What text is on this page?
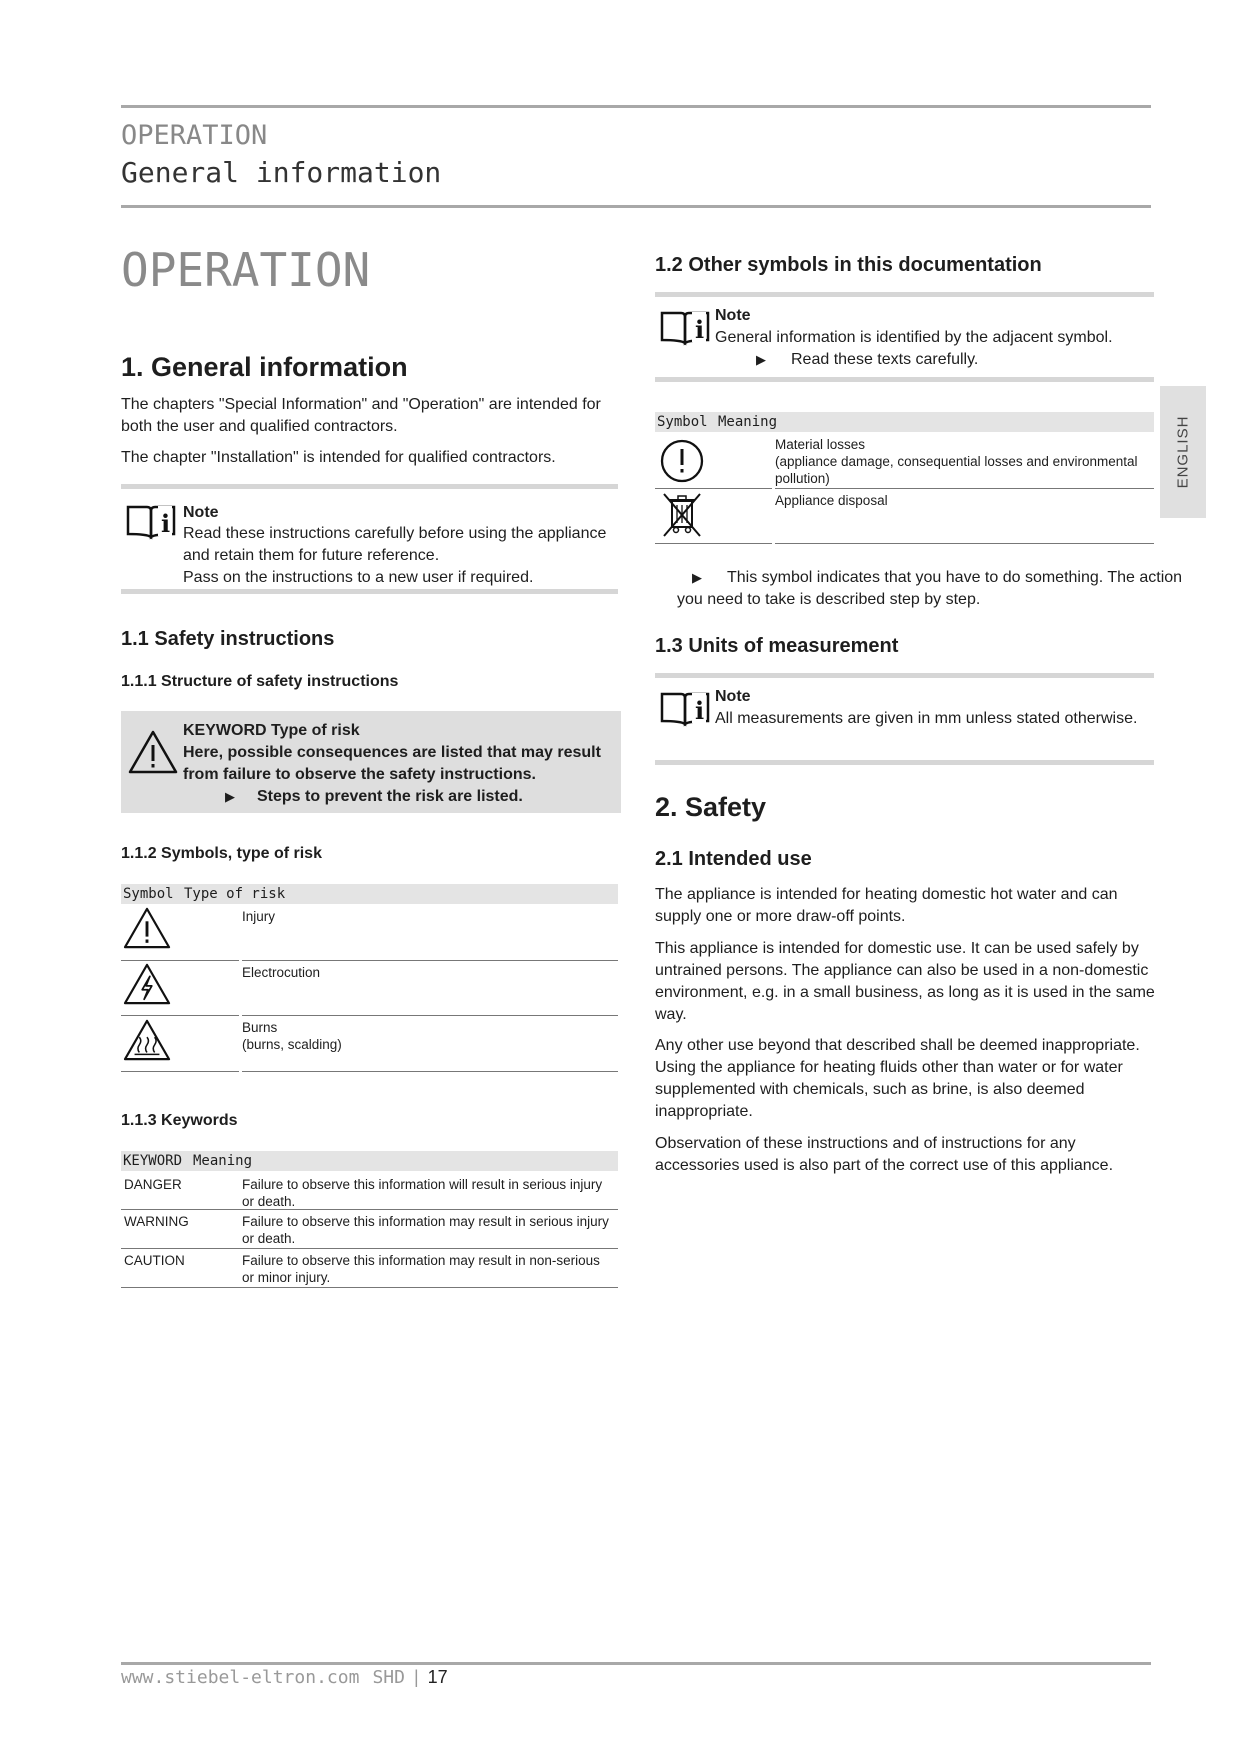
OPERATION
General information
ENGLISH
OPERATION
1. General information
The chapters "Special Information" and "Operation" are intended for both the user and qualified contractors.
The chapter "Installation" is intended for qualified contractors.
i Note
Read these instructions carefully before using the appliance and retain them for future reference.
Pass on the instructions to a new user if required.
1.1 Safety instructions
1.1.1 Structure of safety instructions
KEYWORD Type of risk
Here, possible consequences are listed that may result from failure to observe the safety instructions.
▶ Steps to prevent the risk are listed.
1.1.2 Symbols, type of risk
Symbol Type of risk
Injury
Electrocution
Burns
(burns, scalding)
1.1.3 Keywords
KEYWORD Meaning
DANGER	Failure to observe this information will result in serious injury or death.
WARNING	Failure to observe this information may result in serious injury or death.
CAUTION	Failure to observe this information may result in non-serious or minor injury.
1.2 Other symbols in this documentation
i Note
General information is identified by the adjacent symbol.
▶ Read these texts carefully.
Symbol Meaning
Material losses
(appliance damage, consequential losses and environmental pollution)
Appliance disposal
▶	This symbol indicates that you have to do something. The action you need to take is described step by step.
1.3 Units of measurement
i Note
All measurements are given in mm unless stated otherwise.
2. Safety
2.1 Intended use
The appliance is intended for heating domestic hot water and can supply one or more draw-off points.
This appliance is intended for domestic use. It can be used safely by untrained persons. The appliance can also be used in a non-domestic environment, e.g. in a small business, as long as it is used in the same way.
Any other use beyond that described shall be deemed inappropriate. Using the appliance for heating fluids other than water or for water supplemented with chemicals, such as brine, is also deemed inappropriate.
Observation of these instructions and of instructions for any accessories used is also part of the correct use of this appliance.
www.stiebel-eltron.com SHD | 17
